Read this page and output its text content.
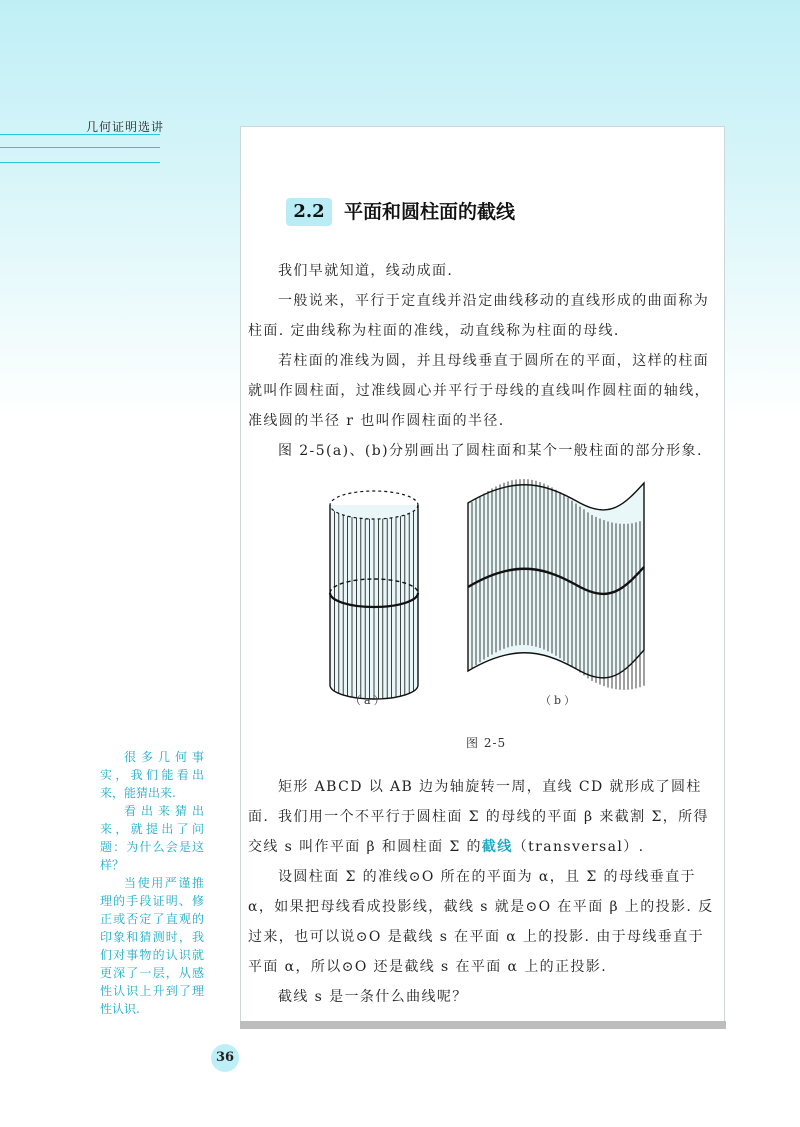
几何证明选讲
2.2	平面和圆柱面的截线

我们早就知道，线动成面.

一般说来，平行于定直线并沿定曲线移动的直线形成的曲面称为柱面. 定曲线称为柱面的准线，动直线称为柱面的母线.

若柱面的准线为圆，并且母线垂直于圆所在的平面，这样的柱面就叫作圆柱面，过准线圆心并平行于母线的直线叫作圆柱面的轴线，准线圆的半径 r 也叫作圆柱面的半径.

图 2-5(a)、(b)分别画出了圆柱面和某个一般柱面的部分形象.

（a）	（b）
图 2-5

矩形 ABCD 以 AB 边为轴旋转一周，直线 CD 就形成了圆柱面. 我们用一个不平行于圆柱面 Σ 的母线的平面 β 来截割 Σ，所得交线 s 叫作平面 β 和圆柱面 Σ 的截线（transversal）.

设圆柱面 Σ 的准线⊙O 所在的平面为 α，且 Σ 的母线垂直于 α，如果把母线看成投影线，截线 s 就是⊙O 在平面 β 上的投影. 反过来，也可以说⊙O 是截线 s 在平面 α 上的投影. 由于母线垂直于平面 α，所以⊙O 还是截线 s 在平面 α 上的正投影.

截线 s 是一条什么曲线呢？

很多几何事实，我们能看出来，能猜出来.

看出来猜出来，就提出了问题：为什么会是这样？

当使用严谨推理的手段证明、修正或否定了直观的印象和猜测时，我们对事物的认识就更深了一层，从感性认识上升到了理性认识.

36
